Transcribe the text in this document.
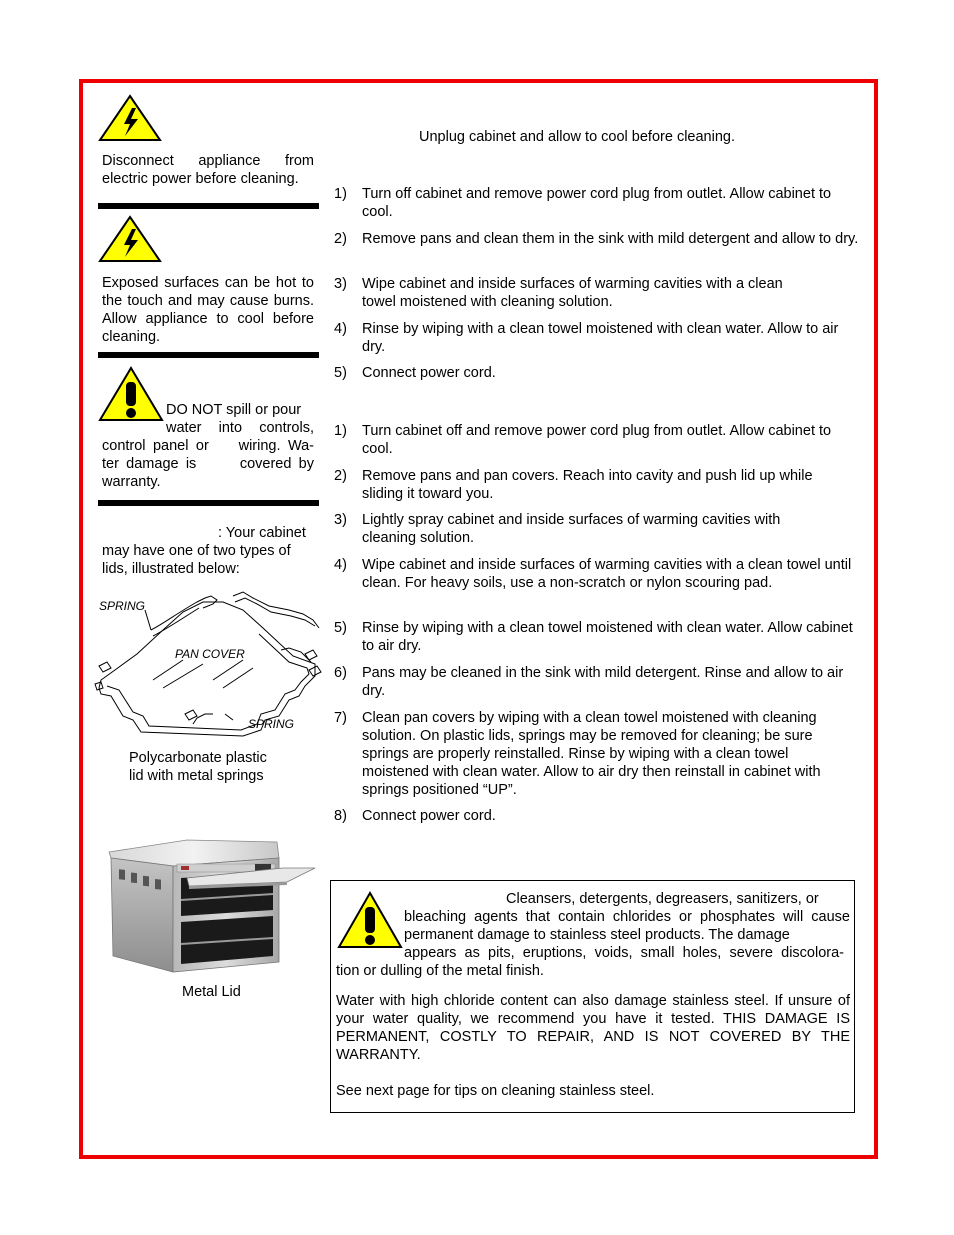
Disconnect appliance from electric power before cleaning.
Exposed surfaces can be hot to the touch and may cause burns. Allow appliance to cool before cleaning.
DO NOT spill or pour
water into controls,
control panel or    wiring. Wa-
ter damage is      covered by
warranty.
: Your cabinet
may have one of two types of
lids, illustrated below:
SPRING
PAN COVER
SPRING
Polycarbonate plastic
lid with metal springs
Metal Lid
Unplug cabinet and allow to cool before cleaning.
1) Turn off cabinet and remove power cord plug from outlet. Allow cabinet to cool.
2) Remove pans and clean them in the sink with mild detergent and allow to dry.
3) Wipe cabinet and inside surfaces of warming cavities with a clean towel moistened with cleaning solution.
4) Rinse by wiping with a clean towel moistened with clean water. Allow to air dry.
5) Connect power cord.
1) Turn cabinet off and remove power cord plug from outlet. Allow cabinet to cool.
2) Remove pans and pan covers. Reach into cavity and push lid up while sliding it toward you.
3) Lightly spray cabinet and inside surfaces of warming cavities with cleaning solution.
4) Wipe cabinet and inside surfaces of warming cavities with a clean towel until clean. For heavy soils, use a non-scratch or nylon scouring pad.
5) Rinse by wiping with a clean towel moistened with clean water. Allow cabinet to air dry.
6) Pans may be cleaned in the sink with mild detergent. Rinse and allow to air dry.
7) Clean pan covers by wiping with a clean towel moistened with cleaning solution. On plastic lids, springs may be removed for cleaning; be sure springs are properly reinstalled. Rinse by wiping with a clean towel moistened with clean water. Allow to air dry then reinstall in cabinet with springs positioned “UP”.
8) Connect power cord.
Cleansers, detergents, degreasers, sanitizers, or
bleaching agents that contain chlorides or phosphates will cause
permanent damage to stainless steel products. The damage
appears as pits, eruptions, voids, small holes, severe discolora-
tion or dulling of the metal finish.
Water with high chloride content can also damage stainless steel. If unsure of your water quality, we recommend you have it tested. THIS DAMAGE IS PERMANENT, COSTLY TO REPAIR, AND IS NOT COVERED BY THE WARRANTY.
See next page for tips on cleaning stainless steel.
